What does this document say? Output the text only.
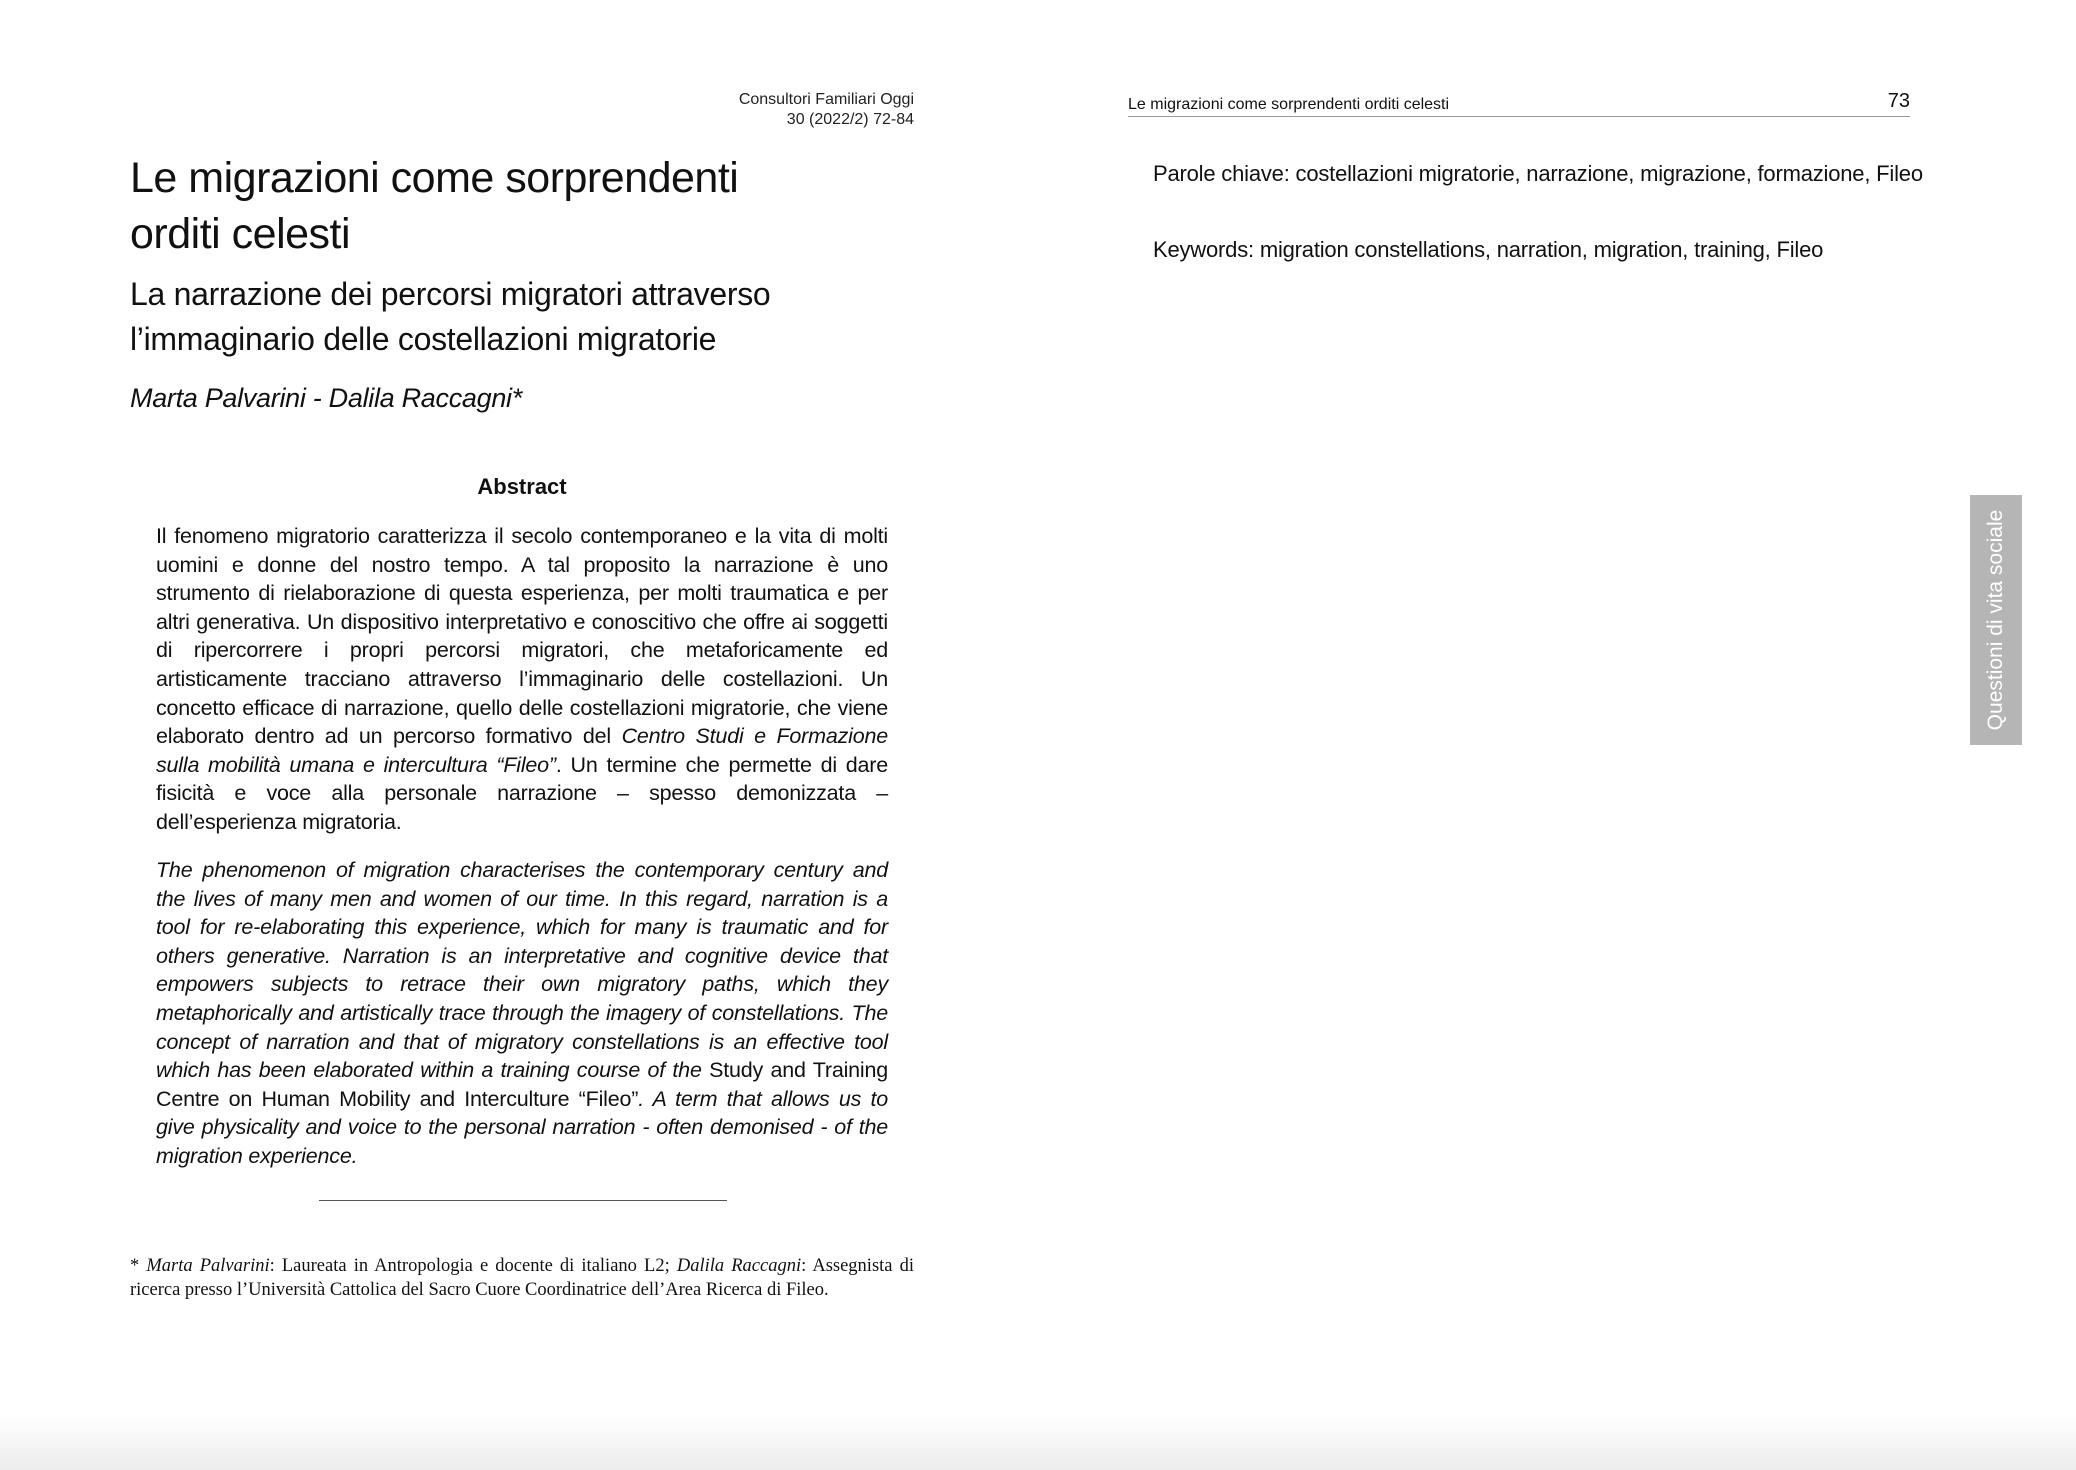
Consultori Familiari Oggi
30 (2022/2) 72-84
Le migrazioni come sorprendenti
orditi celesti
La narrazione dei percorsi migratori attraverso
l’immaginario delle costellazioni migratorie
Marta Palvarini - Dalila Raccagni*
Abstract

Il fenomeno migratorio caratterizza il secolo contemporaneo e la vita di molti uomini e donne del nostro tempo. A tal proposito la narrazione è uno strumento di rielaborazione di questa esperienza, per molti traumatica e per altri generativa. Un dispositivo interpretativo e conoscitivo che offre ai soggetti di ripercorrere i propri percorsi migratori, che metaforicamente ed artisticamente tracciano attraverso l’immaginario delle costellazioni. Un concetto efficace di narrazione, quello delle costellazioni migratorie, che viene elaborato dentro ad un percorso formativo del Centro Studi e Formazione sulla mobilità umana e intercultura “Fileo”. Un termine che permette di dare fisicità e voce alla personale narrazione – spesso demonizzata – dell’esperienza migratoria.

The phenomenon of migration characterises the contemporary century and the lives of many men and women of our time. In this regard, narration is a tool for re-elaborating this experience, which for many is traumatic and for others generative. Narration is an interpretative and cognitive device that empowers subjects to retrace their own migratory paths, which they metaphorically and artistically trace through the imagery of constellations. The concept of narration and that of migratory constellations is an effective tool which has been elaborated within a training course of the Study and Training Centre on Human Mobility and Interculture “Fileo”. A term that allows us to give physicality and voice to the personal narration - often demonised - of the migration experience.

* Marta Palvarini: Laureata in Antropologia e docente di italiano L2; Dalila Raccagni: Assegnista di ricerca presso l’Università Cattolica del Sacro Cuore Coordinatrice dell’Area Ricerca di Fileo.

Le migrazioni come sorprendenti orditi celesti	73

Parole chiave: costellazioni migratorie, narrazione, migrazione, formazione, Fileo

Keywords: migration constellations, narration, migration, training, Fileo

Questioni di vita sociale
